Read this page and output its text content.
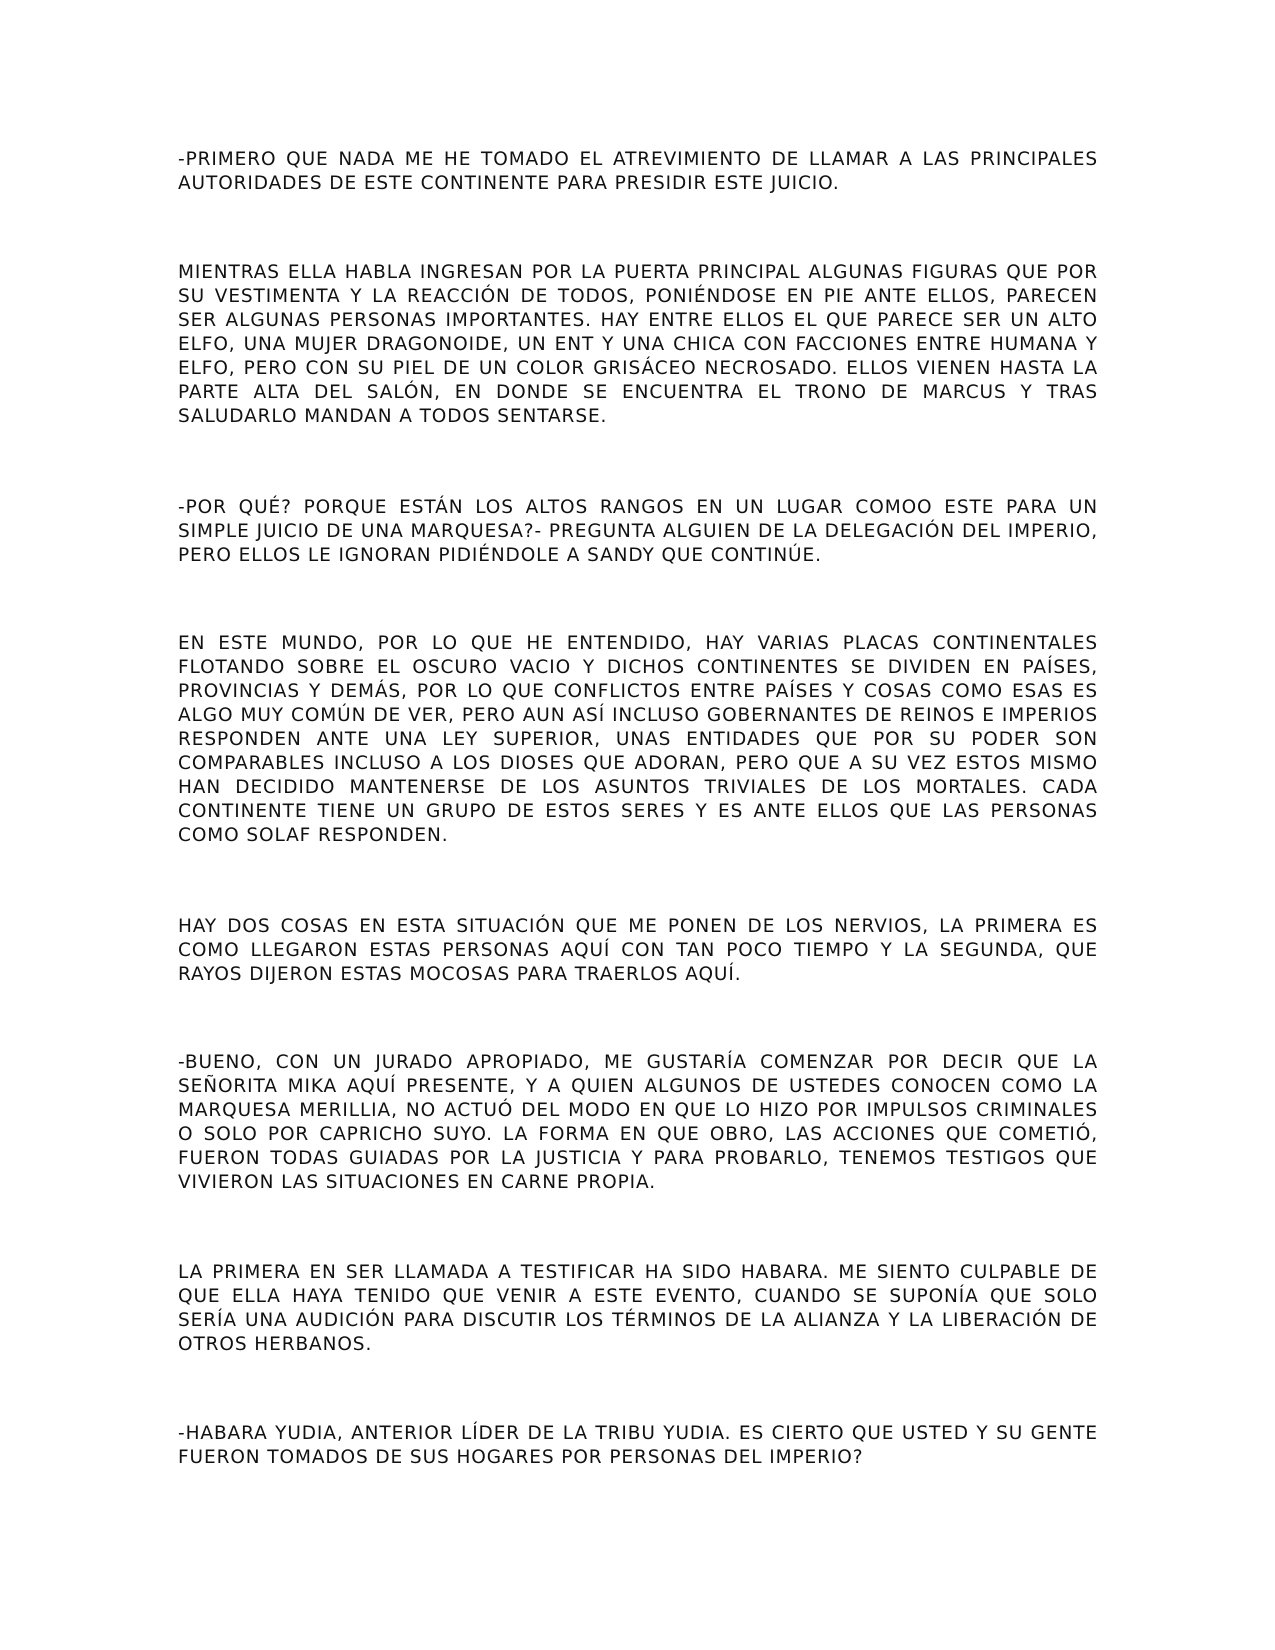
-PRIMERO QUE NADA ME HE TOMADO EL ATREVIMIENTO DE LLAMAR A LAS PRINCIPALES AUTORIDADES DE ESTE CONTINENTE PARA PRESIDIR ESTE JUICIO.

MIENTRAS ELLA HABLA INGRESAN POR LA PUERTA PRINCIPAL ALGUNAS FIGURAS QUE POR SU VESTIMENTA Y LA REACCIÓN DE TODOS, PONIÉNDOSE EN PIE ANTE ELLOS, PARECEN SER ALGUNAS PERSONAS IMPORTANTES. HAY ENTRE ELLOS EL QUE PARECE SER UN ALTO ELFO, UNA MUJER DRAGONOIDE, UN ENT Y UNA CHICA CON FACCIONES ENTRE HUMANA Y ELFO, PERO CON SU PIEL DE UN COLOR GRISÁCEO NECROSADO. ELLOS VIENEN HASTA LA PARTE ALTA DEL SALÓN, EN DONDE SE ENCUENTRA EL TRONO DE MARCUS Y TRAS SALUDARLO MANDAN A TODOS SENTARSE.

-POR QUÉ? PORQUE ESTÁN LOS ALTOS RANGOS EN UN LUGAR COMOO ESTE PARA UN SIMPLE JUICIO DE UNA MARQUESA?- PREGUNTA ALGUIEN DE LA DELEGACIÓN DEL IMPERIO, PERO ELLOS LE IGNORAN PIDIÉNDOLE A SANDY QUE CONTINÚE.

EN ESTE MUNDO, POR LO QUE HE ENTENDIDO, HAY VARIAS PLACAS CONTINENTALES FLOTANDO SOBRE EL OSCURO VACIO Y DICHOS CONTINENTES SE DIVIDEN EN PAÍSES, PROVINCIAS Y DEMÁS, POR LO QUE CONFLICTOS ENTRE PAÍSES Y COSAS COMO ESAS ES ALGO MUY COMÚN DE VER, PERO AUN ASÍ INCLUSO GOBERNANTES DE REINOS E IMPERIOS RESPONDEN ANTE UNA LEY SUPERIOR, UNAS ENTIDADES QUE POR SU PODER SON COMPARABLES INCLUSO A LOS DIOSES QUE ADORAN, PERO QUE A SU VEZ ESTOS MISMO HAN DECIDIDO MANTENERSE DE LOS ASUNTOS TRIVIALES DE LOS MORTALES. CADA CONTINENTE TIENE UN GRUPO DE ESTOS SERES Y ES ANTE ELLOS QUE LAS PERSONAS COMO SOLAF RESPONDEN.

HAY DOS COSAS EN ESTA SITUACIÓN QUE ME PONEN DE LOS NERVIOS, LA PRIMERA ES COMO LLEGARON ESTAS PERSONAS AQUÍ CON TAN POCO TIEMPO Y LA SEGUNDA, QUE RAYOS DIJERON ESTAS MOCOSAS PARA TRAERLOS AQUÍ.

-BUENO, CON UN JURADO APROPIADO, ME GUSTARÍA COMENZAR POR DECIR QUE LA SEÑORITA MIKA AQUÍ PRESENTE, Y A QUIEN ALGUNOS DE USTEDES CONOCEN COMO LA MARQUESA MERILLIA, NO ACTUÓ DEL MODO EN QUE LO HIZO POR IMPULSOS CRIMINALES O SOLO POR CAPRICHO SUYO. LA FORMA EN QUE OBRO, LAS ACCIONES QUE COMETIÓ, FUERON TODAS GUIADAS POR LA JUSTICIA Y PARA PROBARLO, TENEMOS TESTIGOS QUE VIVIERON LAS SITUACIONES EN CARNE PROPIA.

LA PRIMERA EN SER LLAMADA A TESTIFICAR HA SIDO HABARA. ME SIENTO CULPABLE DE QUE ELLA HAYA TENIDO QUE VENIR A ESTE EVENTO, CUANDO SE SUPONÍA QUE SOLO SERÍA UNA AUDICIÓN PARA DISCUTIR LOS TÉRMINOS DE LA ALIANZA Y LA LIBERACIÓN DE OTROS HERBANOS.

-HABARA YUDIA, ANTERIOR LÍDER DE LA TRIBU YUDIA. ES CIERTO QUE USTED Y SU GENTE FUERON TOMADOS DE SUS HOGARES POR PERSONAS DEL IMPERIO?
